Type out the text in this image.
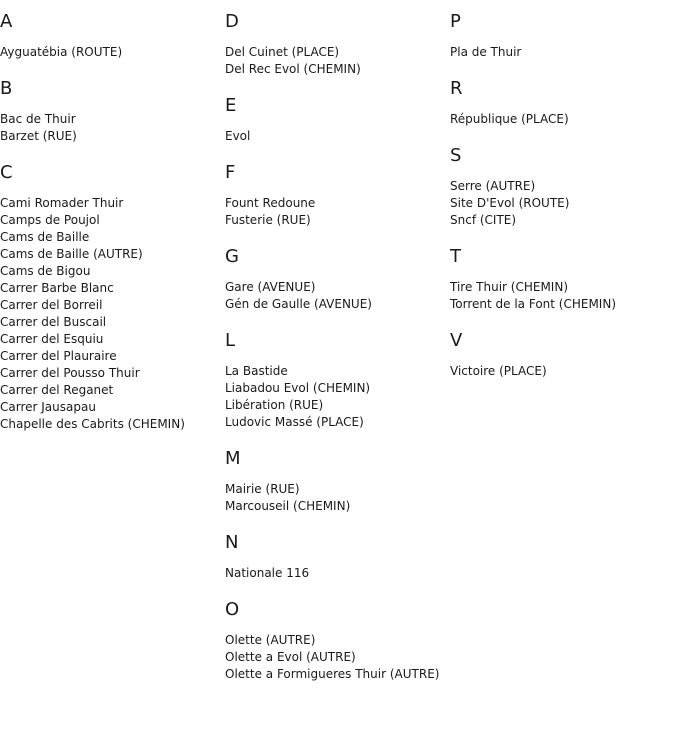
A
Ayguatébia (ROUTE)
B
Bac de Thuir
Barzet (RUE)
C
Cami Romader Thuir
Camps de Poujol
Cams de Baille
Cams de Baille (AUTRE)
Cams de Bigou
Carrer Barbe Blanc
Carrer del Borreil
Carrer del Buscail
Carrer del Esquiu
Carrer del Plauraire
Carrer del Pousso Thuir
Carrer del Reganet
Carrer Jausapau
Chapelle des Cabrits (CHEMIN)
D
Del Cuinet (PLACE)
Del Rec Evol (CHEMIN)
E
Evol
F
Fount Redoune
Fusterie (RUE)
G
Gare (AVENUE)
Gén de Gaulle (AVENUE)
L
La Bastide
Liabadou Evol (CHEMIN)
Libération (RUE)
Ludovic Massé (PLACE)
M
Mairie (RUE)
Marcouseil (CHEMIN)
N
Nationale 116
O
Olette (AUTRE)
Olette a Evol (AUTRE)
Olette a Formigueres Thuir (AUTRE)
P
Pla de Thuir
R
République (PLACE)
S
Serre (AUTRE)
Site D'Evol (ROUTE)
Sncf (CITE)
T
Tire Thuir (CHEMIN)
Torrent de la Font (CHEMIN)
V
Victoire (PLACE)
